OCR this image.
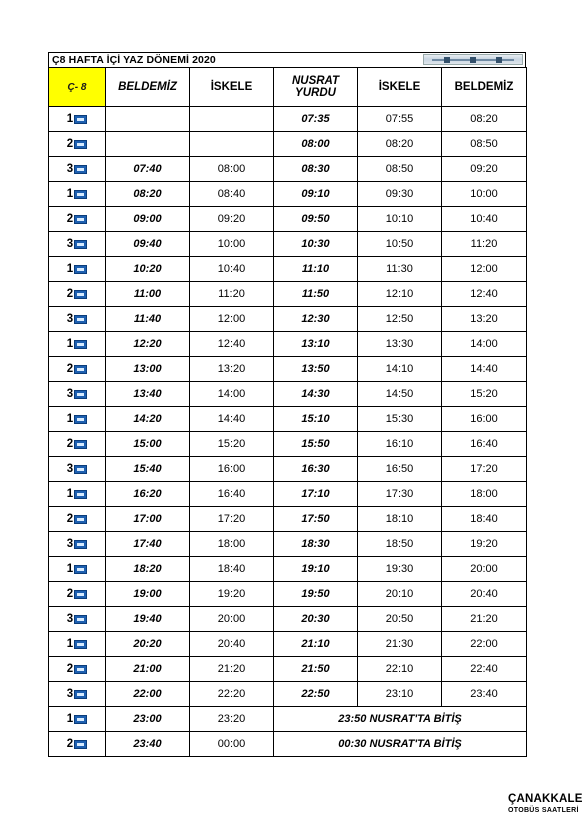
Ç8 HAFTA İÇİ YAZ DÖNEMİ 2020
Ç- 8	BELDEMİZ	İSKELE	NUSRAT YURDU	İSKELE	BELDEMİZ
1			07:35	07:55	08:20
2			08:00	08:20	08:50
3	07:40	08:00	08:30	08:50	09:20
1	08:20	08:40	09:10	09:30	10:00
2	09:00	09:20	09:50	10:10	10:40
3	09:40	10:00	10:30	10:50	11:20
1	10:20	10:40	11:10	11:30	12:00
2	11:00	11:20	11:50	12:10	12:40
3	11:40	12:00	12:30	12:50	13:20
1	12:20	12:40	13:10	13:30	14:00
2	13:00	13:20	13:50	14:10	14:40
3	13:40	14:00	14:30	14:50	15:20
1	14:20	14:40	15:10	15:30	16:00
2	15:00	15:20	15:50	16:10	16:40
3	15:40	16:00	16:30	16:50	17:20
1	16:20	16:40	17:10	17:30	18:00
2	17:00	17:20	17:50	18:10	18:40
3	17:40	18:00	18:30	18:50	19:20
1	18:20	18:40	19:10	19:30	20:00
2	19:00	19:20	19:50	20:10	20:40
3	19:40	20:00	20:30	20:50	21:20
1	20:20	20:40	21:10	21:30	22:00
2	21:00	21:20	21:50	22:10	22:40
3	22:00	22:20	22:50	23:10	23:40
1	23:00	23:20	23:50 NUSRAT'TA BİTİŞ		
2	23:40	00:00	00:30 NUSRAT'TA BİTİŞ		
ÇANAKKALE
OTOBÜS SAATLERİ
